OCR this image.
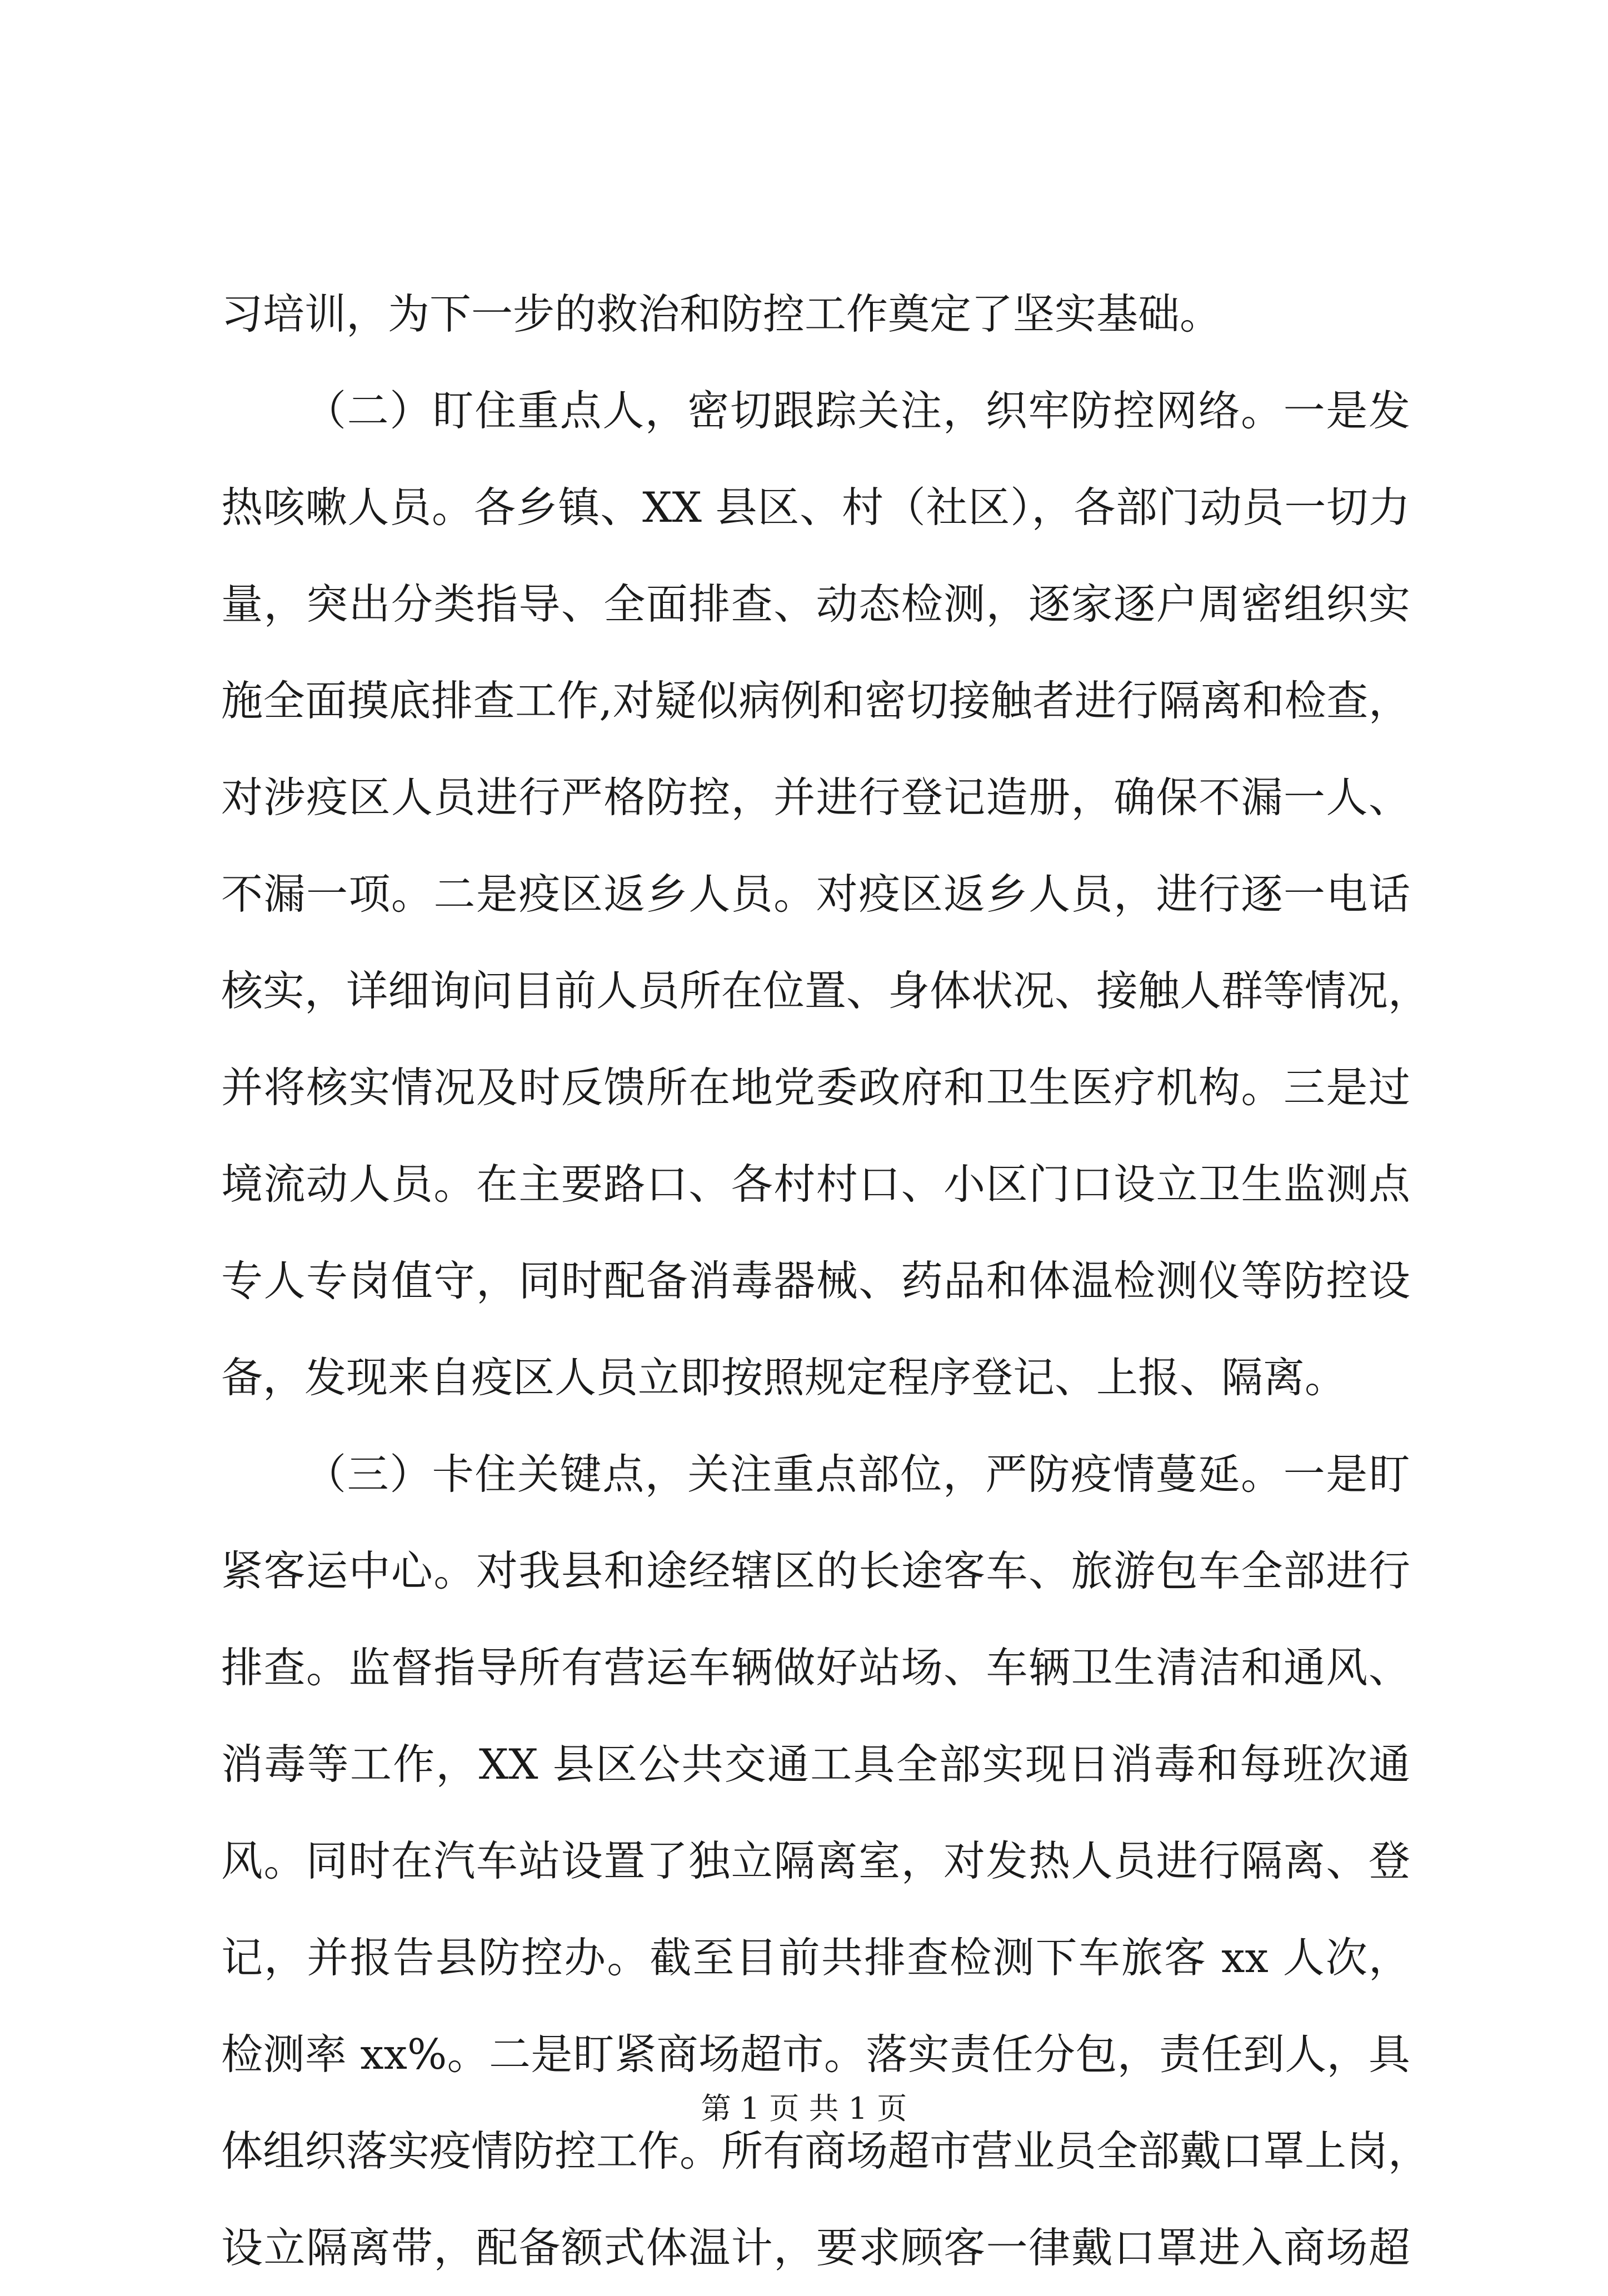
习培训，为下一步的救治和防控工作奠定了坚实基础。
（二）盯住重点人，密切跟踪关注，织牢防控网络。一是发
热咳嗽人员。各乡镇、XX 县区、村（社区），各部门动员一切力
量，突出分类指导、全面排查、动态检测，逐家逐户周密组织实
施全面摸底排查工作,对疑似病例和密切接触者进行隔离和检查，
对涉疫区人员进行严格防控，并进行登记造册，确保不漏一人、
不漏一项。二是疫区返乡人员。对疫区返乡人员，进行逐一电话
核实，详细询问目前人员所在位置、身体状况、接触人群等情况，
并将核实情况及时反馈所在地党委政府和卫生医疗机构。三是过
境流动人员。在主要路口、各村村口、小区门口设立卫生监测点
专人专岗值守，同时配备消毒器械、药品和体温检测仪等防控设
备，发现来自疫区人员立即按照规定程序登记、上报、隔离。
（三）卡住关键点，关注重点部位，严防疫情蔓延。一是盯
紧客运中心。对我县和途经辖区的长途客车、旅游包车全部进行
排查。监督指导所有营运车辆做好站场、车辆卫生清洁和通风、
消毒等工作，XX 县区公共交通工具全部实现日消毒和每班次通
风。同时在汽车站设置了独立隔离室，对发热人员进行隔离、登
记，并报告县防控办。截至目前共排查检测下车旅客 xx 人次，
检测率 xx%。二是盯紧商场超市。落实责任分包，责任到人，具
体组织落实疫情防控工作。所有商场超市营业员全部戴口罩上岗，
设立隔离带，配备额式体温计，要求顾客一律戴口罩进入商场超
第 1 页 共 1 页
